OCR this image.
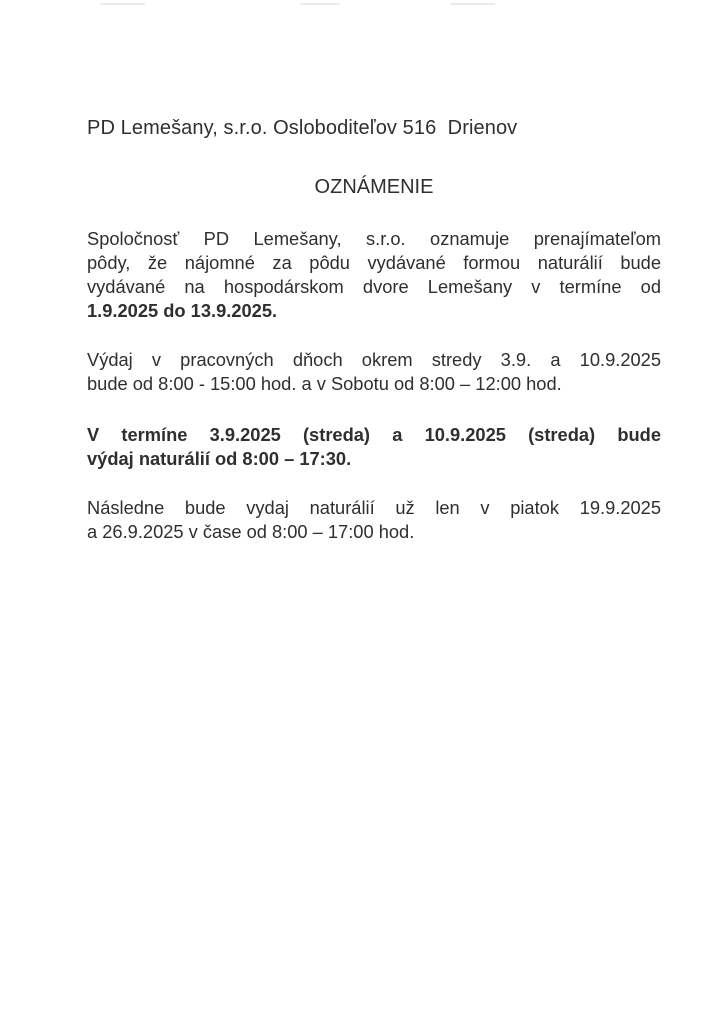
PD Lemešany, s.r.o. Osloboditeľov 516  Drienov
OZNÁMENIE
Spoločnosť PD Lemešany, s.r.o. oznamuje prenajímateľom
pôdy, že nájomné za pôdu vydávané formou naturálií bude
vydávané na hospodárskom dvore Lemešany v termíne od
1.9.2025 do 13.9.2025.
Výdaj v pracovných dňoch okrem stredy 3.9. a 10.9.2025
bude od 8:00 - 15:00 hod. a v Sobotu od 8:00 – 12:00 hod.
V termíne 3.9.2025 (streda) a 10.9.2025 (streda) bude
výdaj naturálií od 8:00 – 17:30.
Následne bude vydaj naturálií už len v piatok 19.9.2025
a 26.9.2025 v čase od 8:00 – 17:00 hod.
